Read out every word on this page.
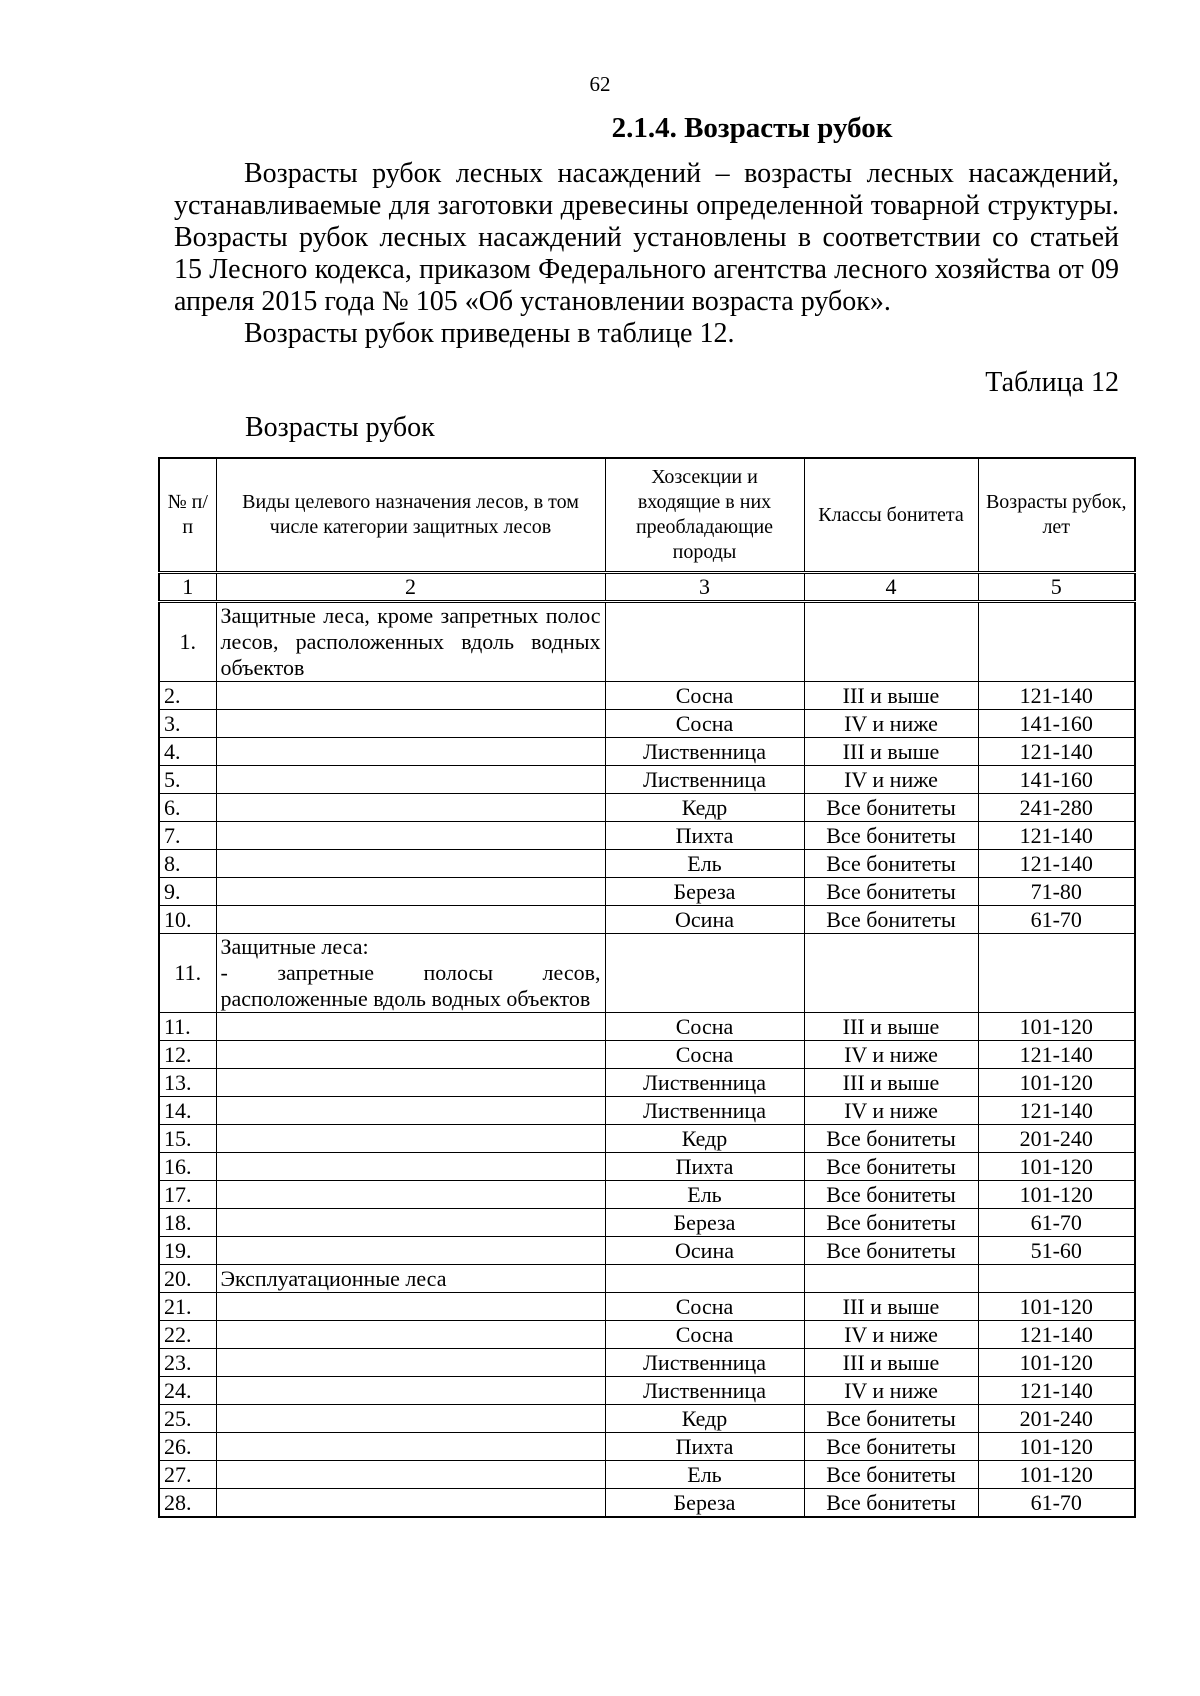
62
2.1.4. Возрасты рубок

Возрасты рубок лесных насаждений – возрасты лесных насаждений, устанавливаемые для заготовки древесины определенной товарной структуры. Возрасты рубок лесных насаждений установлены в соответствии со статьей 15 Лесного кодекса, приказом Федерального агентства лесного хозяйства от 09 апреля 2015 года № 105 «Об установлении возраста рубок».

Возрасты рубок приведены в таблице 12.

Таблица 12
Возрасты рубок
№ п/п	Виды целевого назначения лесов, в том числе категории защитных лесов	Хозсекции и входящие в них преобладающие породы	Классы бонитета	Возрасты рубок, лет
1	2	3	4	5
1.	Защитные леса, кроме запретных полос лесов, расположенных вдоль водных объектов			
2.		Сосна	III и выше	121-140
3.		Сосна	IV и ниже	141-160
4.		Лиственница	III и выше	121-140
5.		Лиственница	IV и ниже	141-160
6.		Кедр	Все бонитеты	241-280
7.		Пихта	Все бонитеты	121-140
8.		Ель	Все бонитеты	121-140
9.		Береза	Все бонитеты	71-80
10.		Осина	Все бонитеты	61-70
11.	Защитные леса:
- запретные полосы лесов, расположенные вдоль водных объектов			
11.		Сосна	III и выше	101-120
12.		Сосна	IV и ниже	121-140
13.		Лиственница	III и выше	101-120
14.		Лиственница	IV и ниже	121-140
15.		Кедр	Все бонитеты	201-240
16.		Пихта	Все бонитеты	101-120
17.		Ель	Все бонитеты	101-120
18.		Береза	Все бонитеты	61-70
19.		Осина	Все бонитеты	51-60
20.	Эксплуатационные леса			
21.		Сосна	III и выше	101-120
22.		Сосна	IV и ниже	121-140
23.		Лиственница	III и выше	101-120
24.		Лиственница	IV и ниже	121-140
25.		Кедр	Все бонитеты	201-240
26.		Пихта	Все бонитеты	101-120
27.		Ель	Все бонитеты	101-120
28.		Береза	Все бонитеты	61-70
